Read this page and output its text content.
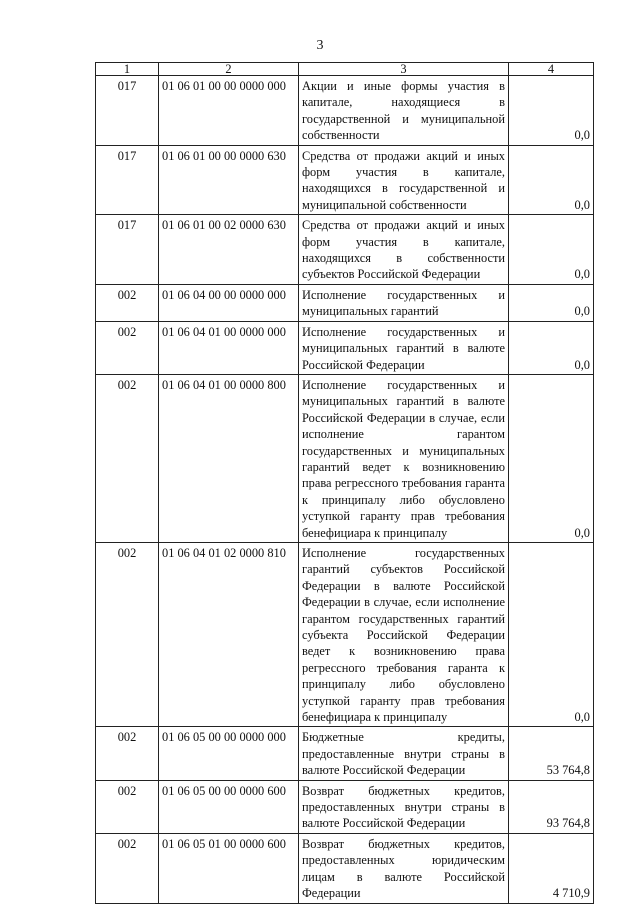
3
1	2	3	4
017	01 06 01 00 00 0000 000	Акции и иные формы участия в капитале, находящиеся в государственной и муниципальной собственности	0,0
017	01 06 01 00 00 0000 630	Средства от продажи акций и иных форм участия в капитале, находящихся в государственной и муниципальной собственности	0,0
017	01 06 01 00 02 0000 630	Средства от продажи акций и иных форм участия в капитале, находящихся в собственности субъектов Российской Федерации	0,0
002	01 06 04 00 00 0000 000	Исполнение государственных и муниципальных гарантий	0,0
002	01 06 04 01 00 0000 000	Исполнение государственных и муниципальных гарантий в валюте Российской Федерации	0,0
002	01 06 04 01 00 0000 800	Исполнение государственных и муниципальных гарантий в валюте Российской Федерации в случае, если исполнение гарантом государственных и муниципальных гарантий ведет к возникновению права регрессного требования гаранта к принципалу либо обусловлено уступкой гаранту прав требования бенефициара к принципалу	0,0
002	01 06 04 01 02 0000 810	Исполнение государственных гарантий субъектов Российской Федерации в валюте Российской Федерации в случае, если исполнение гарантом государственных гарантий субъекта Российской Федерации ведет к возникновению права регрессного требования гаранта к принципалу либо обусловлено уступкой гаранту прав требования бенефициара к принципалу	0,0
002	01 06 05 00 00 0000 000	Бюджетные кредиты, предоставленные внутри страны в валюте Российской Федерации	53 764,8
002	01 06 05 00 00 0000 600	Возврат бюджетных кредитов, предоставленных внутри страны в валюте Российской Федерации	93 764,8
002	01 06 05 01 00 0000 600	Возврат бюджетных кредитов, предоставленных юридическим лицам в валюте Российской Федерации	4 710,9
